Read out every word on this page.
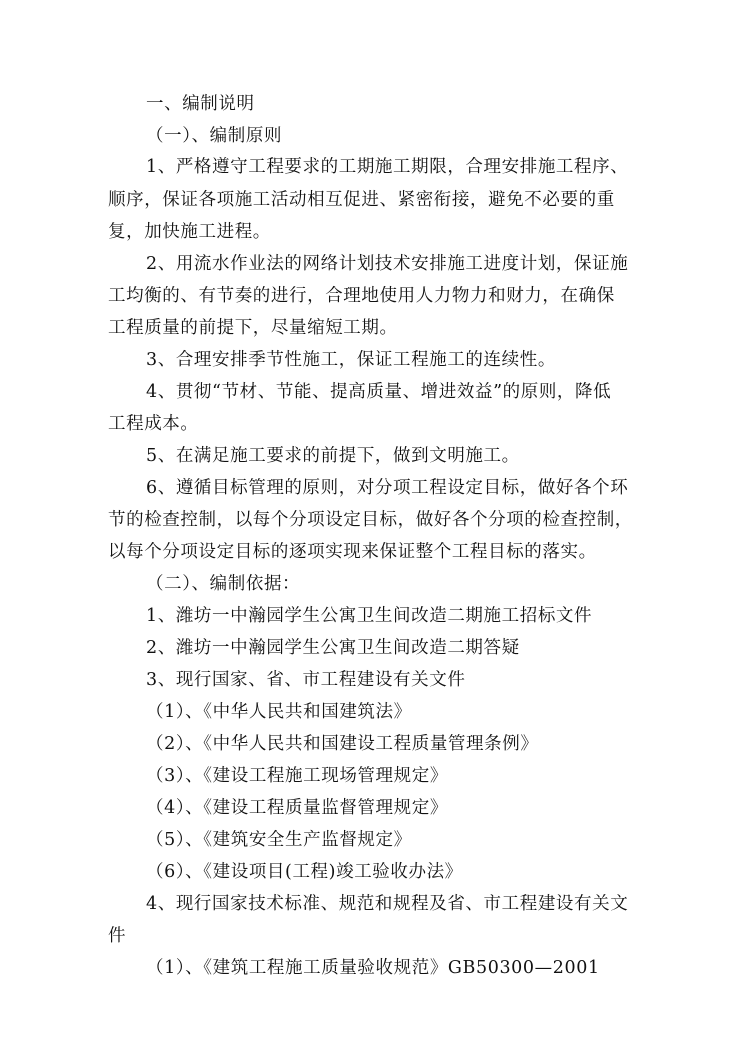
一、编制说明
（一）、编制原则
1、严格遵守工程要求的工期施工期限，合理安排施工程序、
顺序，保证各项施工活动相互促进、紧密衔接，避免不必要的重
复，加快施工进程。
2、用流水作业法的网络计划技术安排施工进度计划，保证施
工均衡的、有节奏的进行，合理地使用人力物力和财力，在确保
工程质量的前提下，尽量缩短工期。
3、合理安排季节性施工，保证工程施工的连续性。
4、贯彻“节材、节能、提高质量、增进效益”的原则，降低
工程成本。
5、在满足施工要求的前提下，做到文明施工。
6、遵循目标管理的原则，对分项工程设定目标，做好各个环
节的检查控制，以每个分项设定目标，做好各个分项的检查控制，
以每个分项设定目标的逐项实现来保证整个工程目标的落实。
（二）、编制依据：
1、潍坊一中瀚园学生公寓卫生间改造二期施工招标文件
2、潍坊一中瀚园学生公寓卫生间改造二期答疑
3、现行国家、省、市工程建设有关文件
（1）、《中华人民共和国建筑法》
（2）、《中华人民共和国建设工程质量管理条例》
（3）、《建设工程施工现场管理规定》
（4）、《建设工程质量监督管理规定》
（5）、《建筑安全生产监督规定》
（6）、《建设项目(工程)竣工验收办法》
4、现行国家技术标准、规范和规程及省、市工程建设有关文
件
（1）、《建筑工程施工质量验收规范》GB50300—2001
